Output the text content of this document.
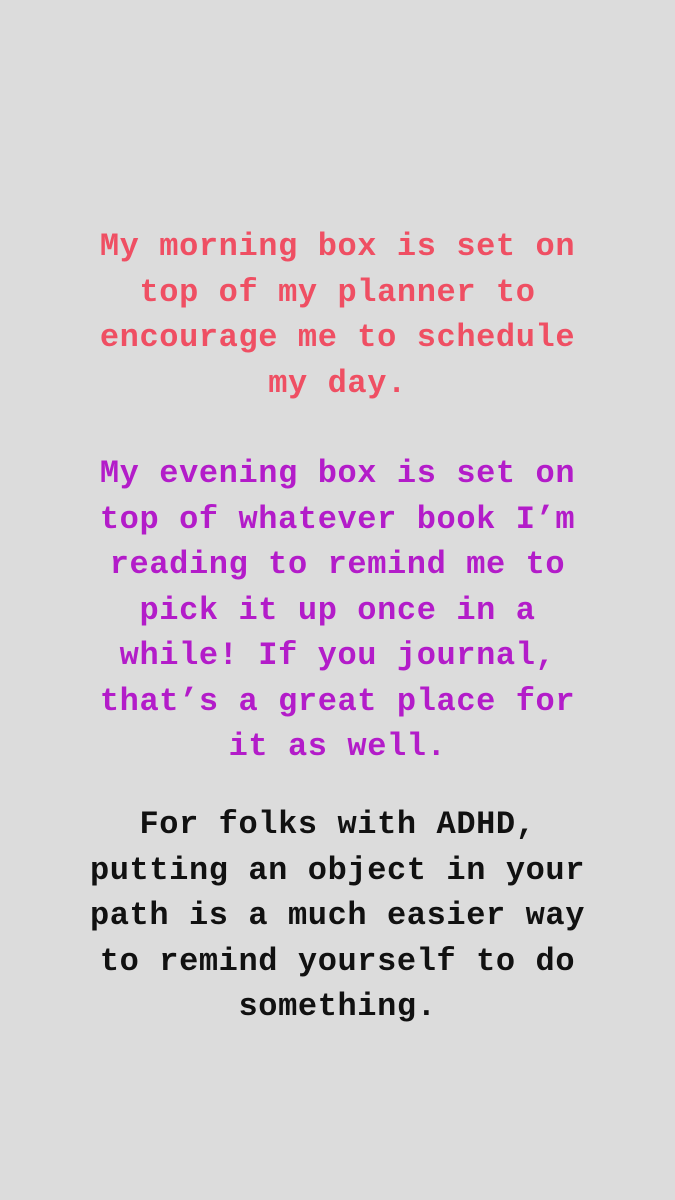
My morning box is set on
top of my planner to
encourage me to schedule
my day.

My evening box is set on
top of whatever book I’m
reading to remind me to
pick it up once in a
while! If you journal,
that’s a great place for
it as well.

For folks with ADHD,
putting an object in your
path is a much easier way
to remind yourself to do
something.
